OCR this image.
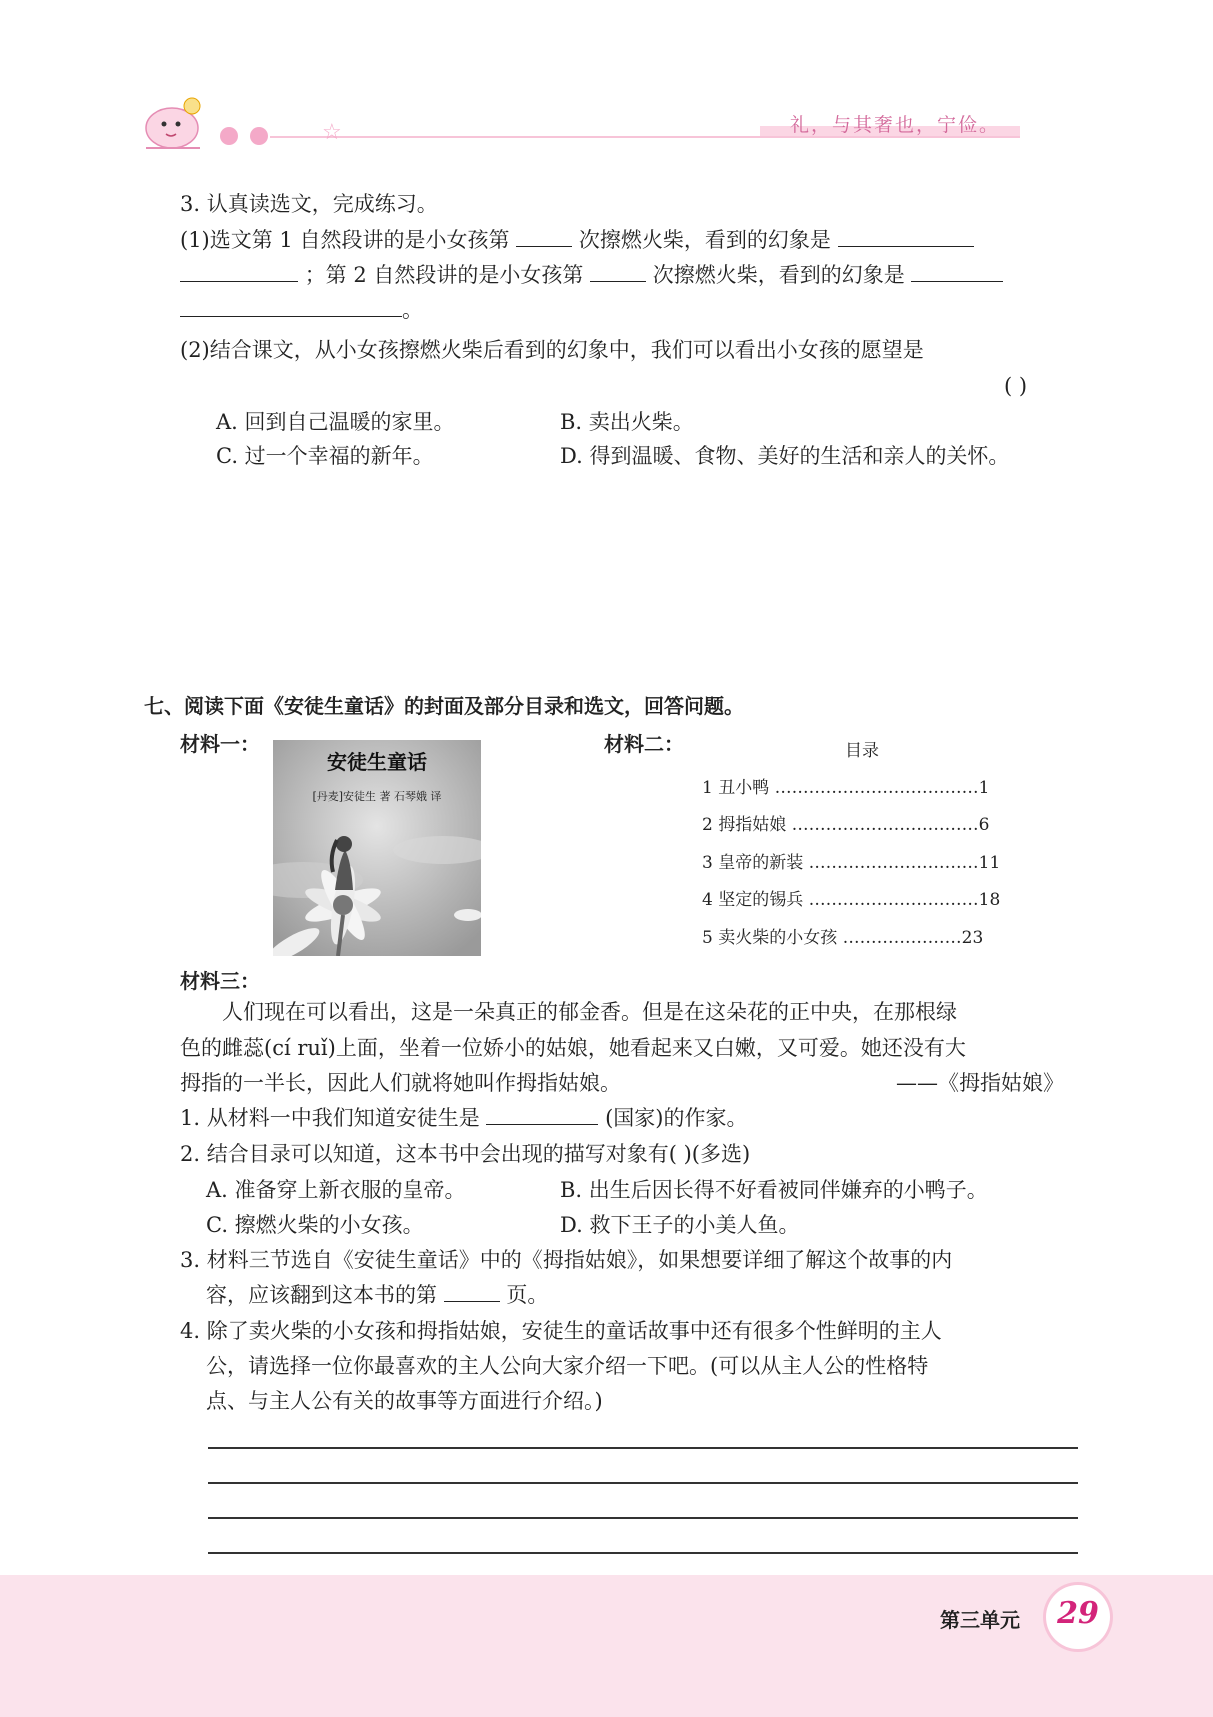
☆	礼，与其奢也，宁俭。
3. 认真读选文，完成练习。
(1)选文第 1 自然段讲的是小女孩第	次擦燃火柴，看到的幻象是
；第 2 自然段讲的是小女孩第	次擦燃火柴，看到的幻象是
。
(2)结合课文，从小女孩擦燃火柴后看到的幻象中，我们可以看出小女孩的愿望是
( )
A. 回到自己温暖的家里。	B. 卖出火柴。
C. 过一个幸福的新年。	D. 得到温暖、食物、美好的生活和亲人的关怀。
七、阅读下面《安徒生童话》的封面及部分目录和选文，回答问题。
材料一：	材料二：
安徒生童话
[丹麦]安徒生 著 石琴娥 译
目录
1 丑小鸭 ………………………………1
2 拇指姑娘 ……………………………6
3 皇帝的新装 …………………………11
4 坚定的锡兵 …………………………18
5 卖火柴的小女孩 …………………23
材料三：
人们现在可以看出，这是一朵真正的郁金香。但是在这朵花的正中央，在那根绿
色的雌蕊(cí ruǐ)上面，坐着一位娇小的姑娘，她看起来又白嫩，又可爱。她还没有大
拇指的一半长，因此人们就将她叫作拇指姑娘。	——《拇指姑娘》
1. 从材料一中我们知道安徒生是	(国家)的作家。
2. 结合目录可以知道，这本书中会出现的描写对象有( )(多选)
A. 准备穿上新衣服的皇帝。	B. 出生后因长得不好看被同伴嫌弃的小鸭子。
C. 擦燃火柴的小女孩。	D. 救下王子的小美人鱼。
3. 材料三节选自《安徒生童话》中的《拇指姑娘》，如果想要详细了解这个故事的内
容，应该翻到这本书的第	页。
4. 除了卖火柴的小女孩和拇指姑娘，安徒生的童话故事中还有很多个性鲜明的主人
公，请选择一位你最喜欢的主人公向大家介绍一下吧。(可以从主人公的性格特
点、与主人公有关的故事等方面进行介绍。)
第三单元	29
